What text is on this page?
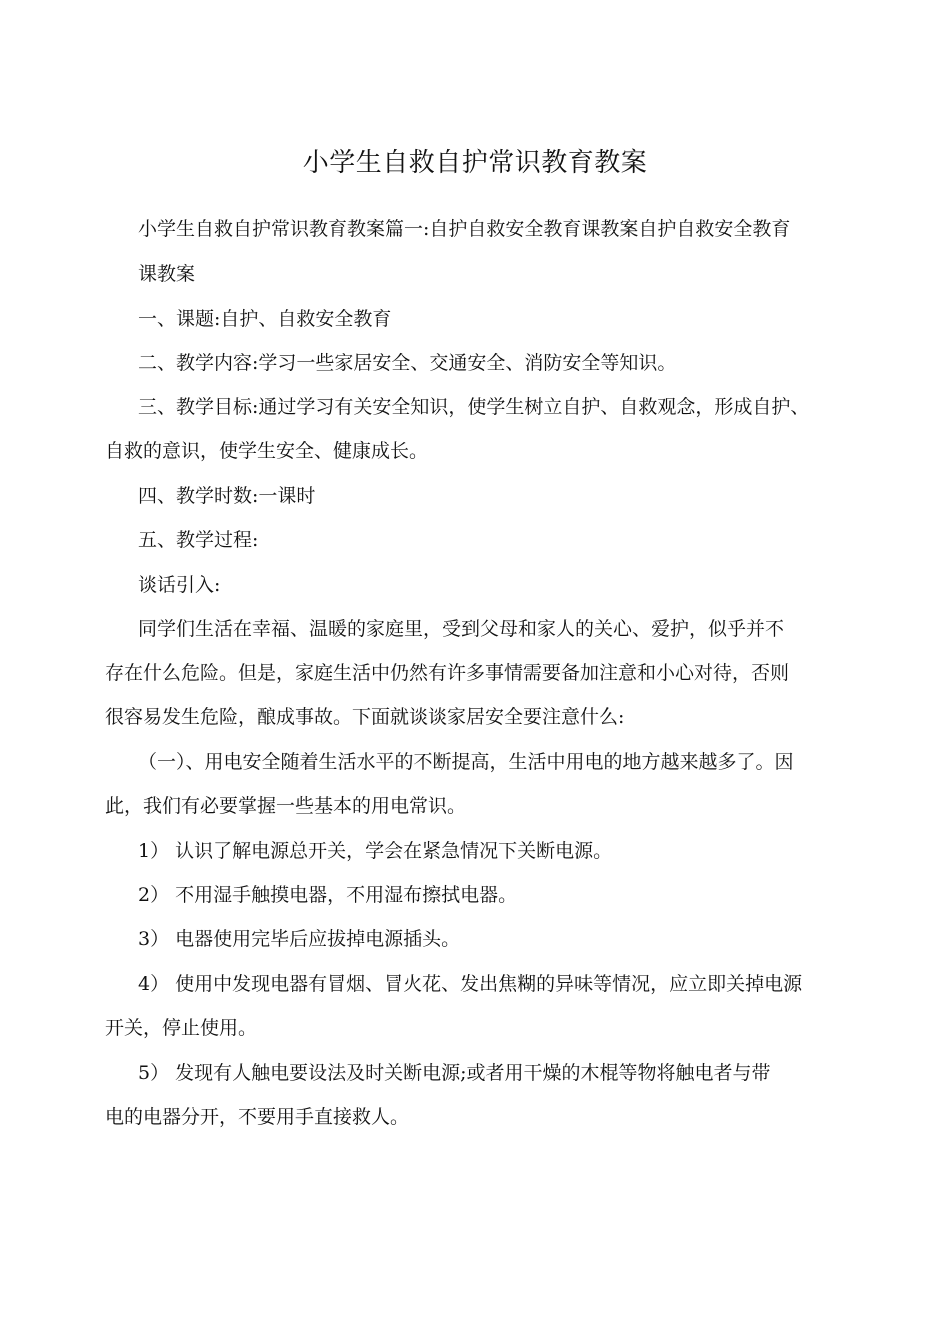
小学生自救自护常识教育教案

小学生自救自护常识教育教案篇一:自护自救安全教育课教案自护自救安全教育

课教案

一、课题:自护、自救安全教育

二、教学内容:学习一些家居安全、交通安全、消防安全等知识。

三、教学目标:通过学习有关安全知识，使学生树立自护、自救观念，形成自护、

自救的意识，使学生安全、健康成长。

四、教学时数:一课时

五、教学过程:

谈话引入:

同学们生活在幸福、温暖的家庭里，受到父母和家人的关心、爱护，似乎并不

存在什么危险。但是，家庭生活中仍然有许多事情需要备加注意和小心对待，否则

很容易发生危险，酿成事故。下面就谈谈家居安全要注意什么:

（一）、用电安全随着生活水平的不断提高，生活中用电的地方越来越多了。因

此，我们有必要掌握一些基本的用电常识。

1） 认识了解电源总开关，学会在紧急情况下关断电源。

2） 不用湿手触摸电器，不用湿布擦拭电器。

3） 电器使用完毕后应拔掉电源插头。

4） 使用中发现电器有冒烟、冒火花、发出焦糊的异味等情况，应立即关掉电源

开关，停止使用。

5） 发现有人触电要设法及时关断电源;或者用干燥的木棍等物将触电者与带

电的电器分开，不要用手直接救人。
